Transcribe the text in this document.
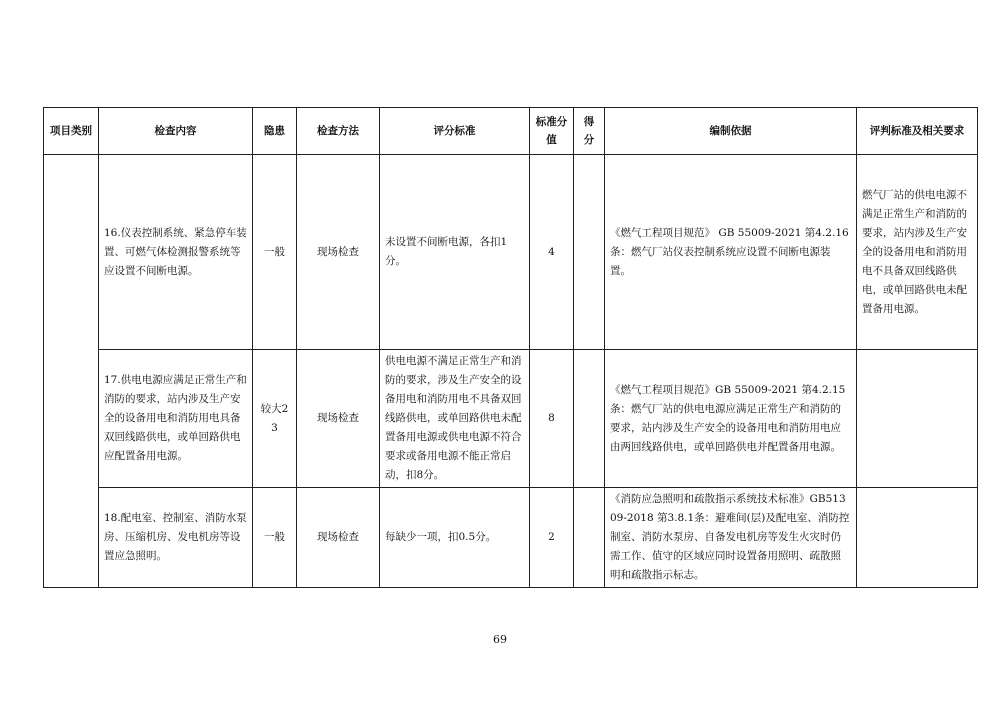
项目类别	检查内容	隐患	检查方法	评分标准	标准分值	得分	编制依据	评判标准及相关要求
	16.仪表控制系统、紧急停车装置、可燃气体检测报警系统等应设置不间断电源。	一般	现场检查	未设置不间断电源，各扣1分。	4		《燃气工程项目规范》 GB 55009-2021 第4.2.16条：燃气厂站仪表控制系统应设置不间断电源装置。	燃气厂站的供电电源不满足正常生产和消防的要求，站内涉及生产安全的设备用电和消防用电不具备双回线路供电，或单回路供电未配置备用电源。
	17.供电电源应满足正常生产和消防的要求，站内涉及生产安全的设备用电和消防用电具备双回线路供电，或单回路供电应配置备用电源。	较大23	现场检查	供电电源不满足正常生产和消防的要求，涉及生产安全的设备用电和消防用电不具备双回线路供电，或单回路供电未配置备用电源或供电电源不符合要求或备用电源不能正常启动，扣8分。	8		《燃气工程项目规范》GB 55009-2021 第4.2.15条：燃气厂站的供电电源应满足正常生产和消防的要求，站内涉及生产安全的设备用电和消防用电应由两回线路供电，或单回路供电并配置备用电源。	
	18.配电室、控制室、消防水泵房、压缩机房、发电机房等设置应急照明。	一般	现场检查	每缺少一项，扣0.5分。	2		《消防应急照明和疏散指示系统技术标准》GB51309-2018 第3.8.1条：避难间(层)及配电室、消防控制室、消防水泵房、自备发电机房等发生火灾时仍需工作、值守的区域应同时设置备用照明、疏散照明和疏散指示标志。	
69
